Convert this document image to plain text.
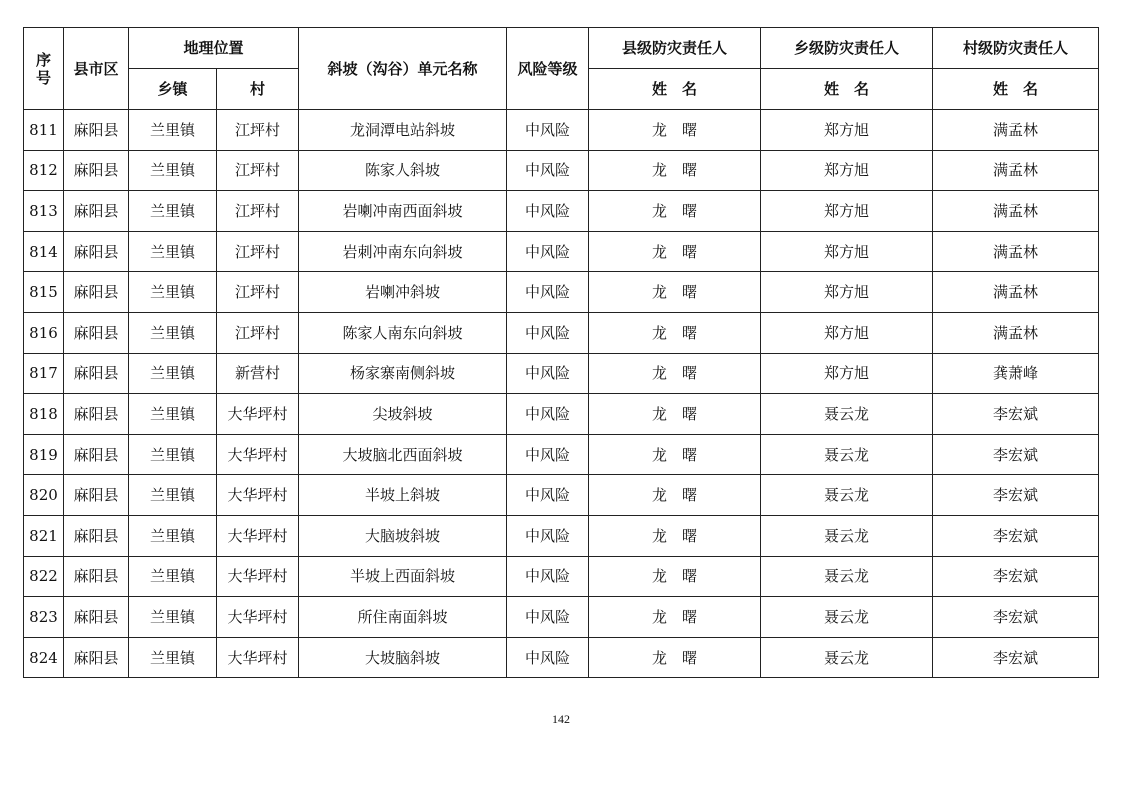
序号	县市区	地理位置		斜坡（沟谷）单元名称	风险等级	县级防灾责任人	乡级防灾责任人	村级防灾责任人
		乡镇	村			姓　名	姓　名	姓　名
811	麻阳县	兰里镇	江坪村	龙洞潭电站斜坡	中风险	龙　曙	郑方旭	满孟林
812	麻阳县	兰里镇	江坪村	陈家人斜坡	中风险	龙　曙	郑方旭	满孟林
813	麻阳县	兰里镇	江坪村	岩喇冲南西面斜坡	中风险	龙　曙	郑方旭	满孟林
814	麻阳县	兰里镇	江坪村	岩刺冲南东向斜坡	中风险	龙　曙	郑方旭	满孟林
815	麻阳县	兰里镇	江坪村	岩喇冲斜坡	中风险	龙　曙	郑方旭	满孟林
816	麻阳县	兰里镇	江坪村	陈家人南东向斜坡	中风险	龙　曙	郑方旭	满孟林
817	麻阳县	兰里镇	新营村	杨家寨南侧斜坡	中风险	龙　曙	郑方旭	龚萧峰
818	麻阳县	兰里镇	大华坪村	尖坡斜坡	中风险	龙　曙	聂云龙	李宏斌
819	麻阳县	兰里镇	大华坪村	大坡脑北西面斜坡	中风险	龙　曙	聂云龙	李宏斌
820	麻阳县	兰里镇	大华坪村	半坡上斜坡	中风险	龙　曙	聂云龙	李宏斌
821	麻阳县	兰里镇	大华坪村	大脑坡斜坡	中风险	龙　曙	聂云龙	李宏斌
822	麻阳县	兰里镇	大华坪村	半坡上西面斜坡	中风险	龙　曙	聂云龙	李宏斌
823	麻阳县	兰里镇	大华坪村	所住南面斜坡	中风险	龙　曙	聂云龙	李宏斌
824	麻阳县	兰里镇	大华坪村	大坡脑斜坡	中风险	龙　曙	聂云龙	李宏斌
142
